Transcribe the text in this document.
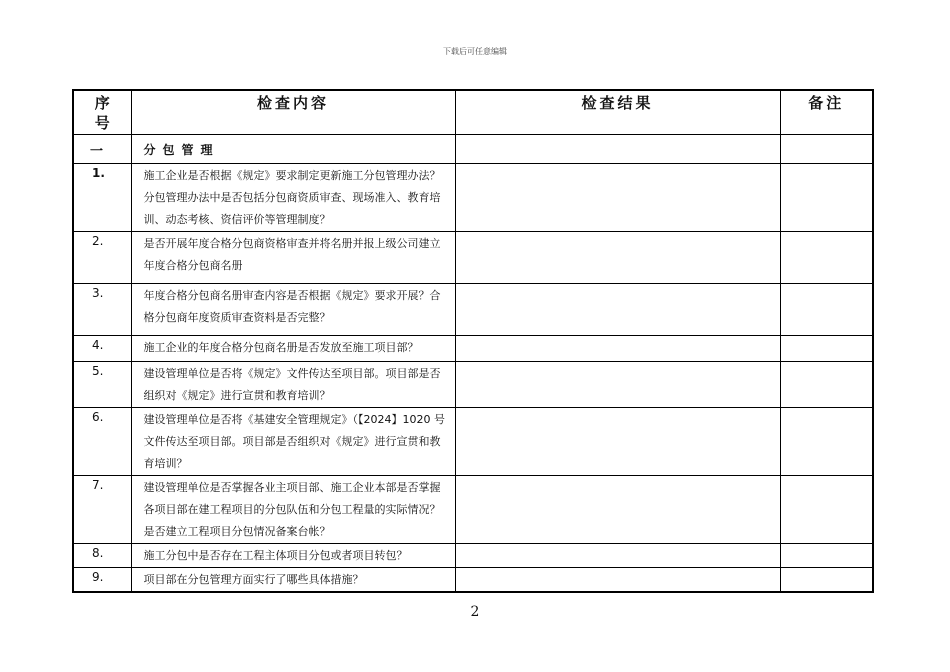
下载后可任意编辑
序号	检查内容	检查结果	备注
一	分包管理		
1.	施工企业是否根据《规定》要求制定更新施工分包管理办法？分包管理办法中是否包括分包商资质审查、现场准入、教育培训、动态考核、资信评价等管理制度？		
2.	是否开展年度合格分包商资格审查并将名册并报上级公司建立年度合格分包商名册		
3.	年度合格分包商名册审查内容是否根据《规定》要求开展？合格分包商年度资质审查资料是否完整？		
4.	施工企业的年度合格分包商名册是否发放至施工项目部？		
5.	建设管理单位是否将《规定》文件传达至项目部。项目部是否组织对《规定》进行宣贯和教育培训？		
6.	建设管理单位是否将《基建安全管理规定》（【2024】1020 号文件传达至项目部。项目部是否组织对《规定》进行宣贯和教育培训？		
7.	建设管理单位是否掌握各业主项目部、施工企业本部是否掌握各项目部在建工程项目的分包队伍和分包工程量的实际情况？是否建立工程项目分包情况备案台帐？		
8.	施工分包中是否存在工程主体项目分包或者项目转包？		
9.	项目部在分包管理方面实行了哪些具体措施？		
2
